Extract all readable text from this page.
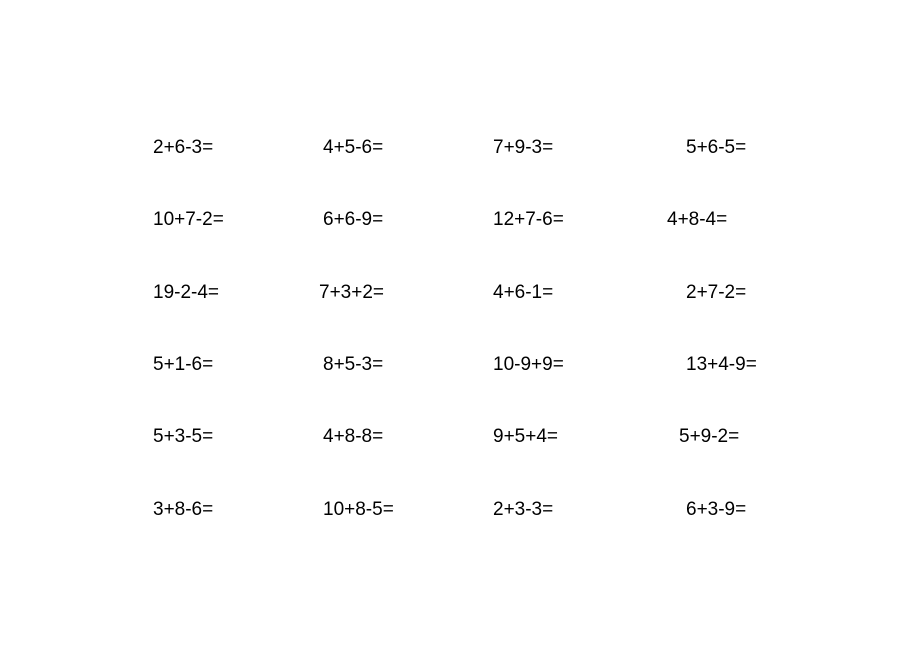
2+6-3=	4+5-6=	7+9-3=	5+6-5=
10+7-2=	6+6-9=	12+7-6=	4+8-4=
19-2-4=	7+3+2=	4+6-1=	2+7-2=
5+1-6=	8+5-3=	10-9+9=	13+4-9=
5+3-5=	4+8-8=	9+5+4=	5+9-2=
3+8-6=	10+8-5=	2+3-3=	6+3-9=
